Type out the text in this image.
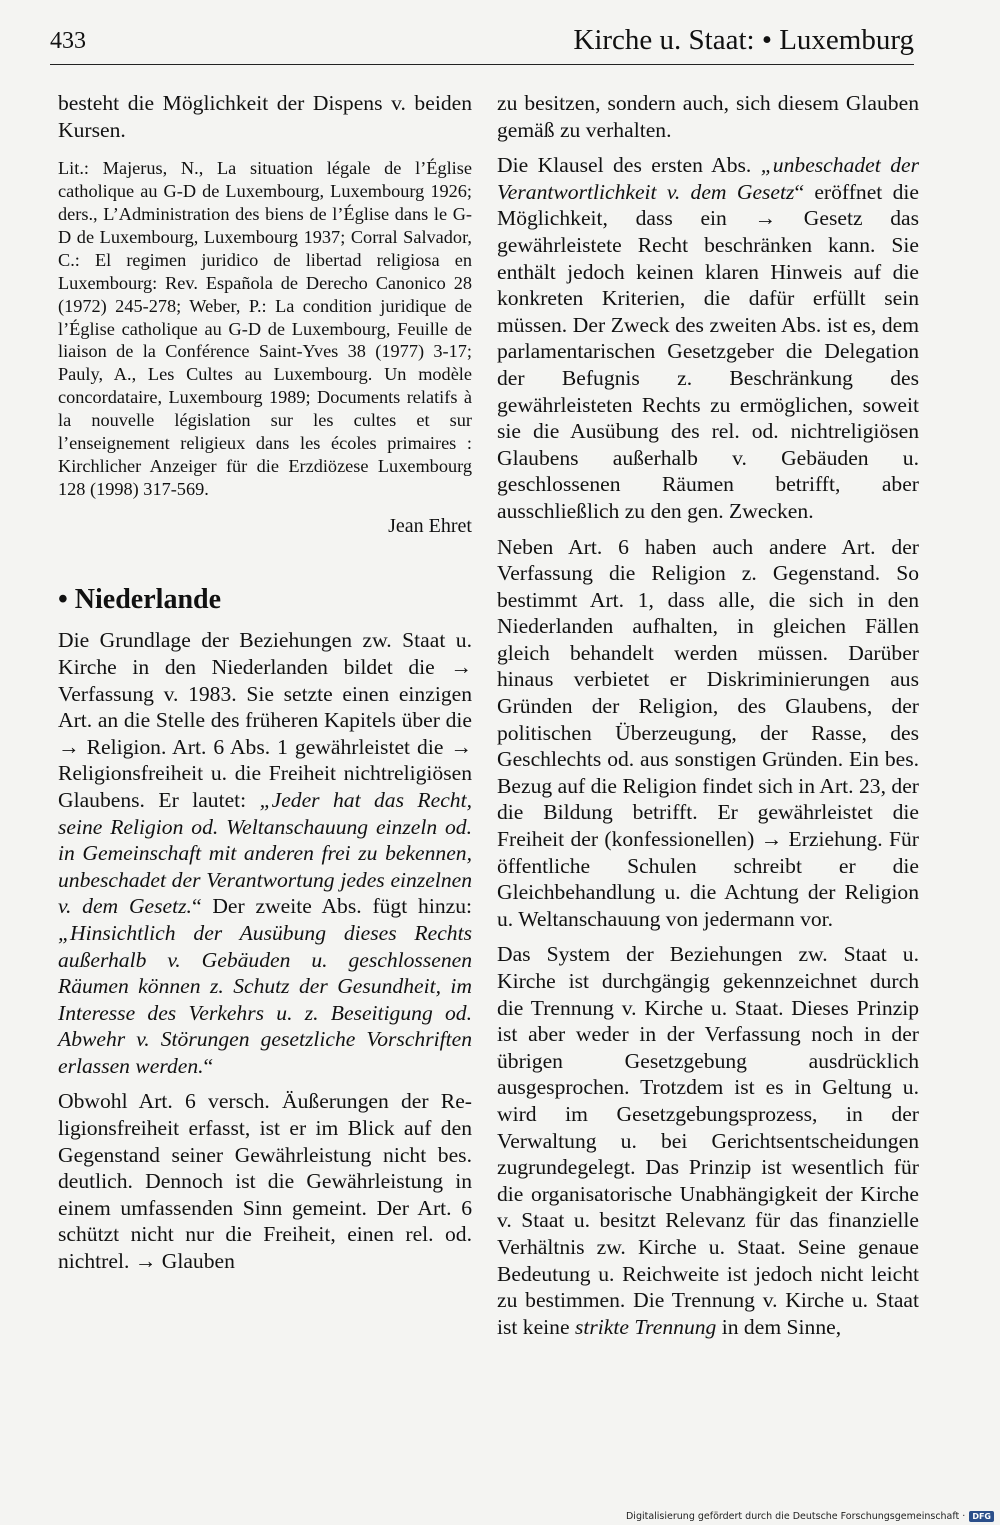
433	Kirche u. Staat: • Luxemburg

besteht die Möglichkeit der Dispens v. beiden Kursen.

Lit.: Majerus, N., La situation légale de l’Église catholique au G-D de Luxembourg, Luxembourg 1926; ders., L’Administration des biens de l’Église dans le G-D de Luxembourg, Luxembourg 1937; Corral Salvador, C.: El regimen juridico de libertad religiosa en Luxembourg: Rev. Española de Derecho Canonico 28 (1972) 245-278; Weber, P.: La condition juridique de l’Église catholique au G-D de Luxembourg, Feuille de liaison de la Conférence Saint-Yves 38 (1977) 3-17; Pauly, A., Les Cultes au Luxembourg. Un modèle concordataire, Luxembourg 1989; Documents relatifs à la nouvelle législation sur les cultes et sur l’enseignement religieux dans les écoles primaires : Kirchlicher Anzeiger für die Erzdiözese Luxembourg 128 (1998) 317-569.

Jean Ehret

• Niederlande

Die Grundlage der Beziehungen zw. Staat u. Kirche in den Niederlanden bildet die → Verfassung v. 1983. Sie setzte einen einzigen Art. an die Stelle des früheren Kapitels über die → Religion. Art. 6 Abs. 1 gewährleistet die → Religionsfreiheit u. die Freiheit nichtreligiösen Glaubens. Er lautet: „Jeder hat das Recht, seine Religion od. Weltanschauung einzeln od. in Gemeinschaft mit anderen frei zu bekennen, unbeschadet der Verantwortung jedes einzelnen v. dem Gesetz.“ Der zweite Abs. fügt hinzu: „Hinsichtlich der Ausübung dieses Rechts außerhalb v. Gebäuden u. geschlossenen Räumen können z. Schutz der Gesundheit, im Interesse des Verkehrs u. z. Beseitigung od. Abwehr v. Störungen gesetzliche Vorschriften erlassen werden.“

Obwohl Art. 6 versch. Äußerungen der Religionsfreiheit erfasst, ist er im Blick auf den Gegenstand seiner Gewährleistung nicht bes. deutlich. Dennoch ist die Gewährleistung in einem umfassenden Sinn gemeint. Der Art. 6 schützt nicht nur die Freiheit, einen rel. od. nichtrel. → Glauben

zu besitzen, sondern auch, sich diesem Glauben gemäß zu verhalten.

Die Klausel des ersten Abs. „unbeschadet der Verantwortlichkeit v. dem Gesetz“ eröffnet die Möglichkeit, dass ein → Gesetz das gewährleistete Recht beschränken kann. Sie enthält jedoch keinen klaren Hinweis auf die konkreten Kriterien, die dafür erfüllt sein müssen. Der Zweck des zweiten Abs. ist es, dem parlamentarischen Gesetzgeber die Delegation der Befugnis z. Beschränkung des gewährleisteten Rechts zu ermöglichen, soweit sie die Ausübung des rel. od. nichtreligiösen Glaubens außerhalb v. Gebäuden u. geschlossenen Räumen betrifft, aber ausschließlich zu den gen. Zwecken.

Neben Art. 6 haben auch andere Art. der Verfassung die Religion z. Gegenstand. So bestimmt Art. 1, dass alle, die sich in den Niederlanden aufhalten, in gleichen Fällen gleich behandelt werden müssen. Darüber hinaus verbietet er Diskriminierungen aus Gründen der Religion, des Glaubens, der politischen Überzeugung, der Rasse, des Geschlechts od. aus sonstigen Gründen. Ein bes. Bezug auf die Religion findet sich in Art. 23, der die Bildung betrifft. Er gewährleistet die Freiheit der (konfessionellen) → Erziehung. Für öffentliche Schulen schreibt er die Gleichbehandlung u. die Achtung der Religion u. Weltanschauung von jedermann vor.

Das System der Beziehungen zw. Staat u. Kirche ist durchgängig gekennzeichnet durch die Trennung v. Kirche u. Staat. Dieses Prinzip ist aber weder in der Verfassung noch in der übrigen Gesetzgebung ausdrücklich ausgesprochen. Trotzdem ist es in Geltung u. wird im Gesetzgebungsprozess, in der Verwaltung u. bei Gerichtsentscheidungen zugrundegelegt. Das Prinzip ist wesentlich für die organisatorische Unabhängigkeit der Kirche v. Staat u. besitzt Relevanz für das finanzielle Verhältnis zw. Kirche u. Staat. Seine genaue Bedeutung u. Reichweite ist jedoch nicht leicht zu bestimmen. Die Trennung v. Kirche u. Staat ist keine strikte Trennung in dem Sinne,

Digitalisierung gefördert durch die Deutsche Forschungsgemeinschaft · DFG
